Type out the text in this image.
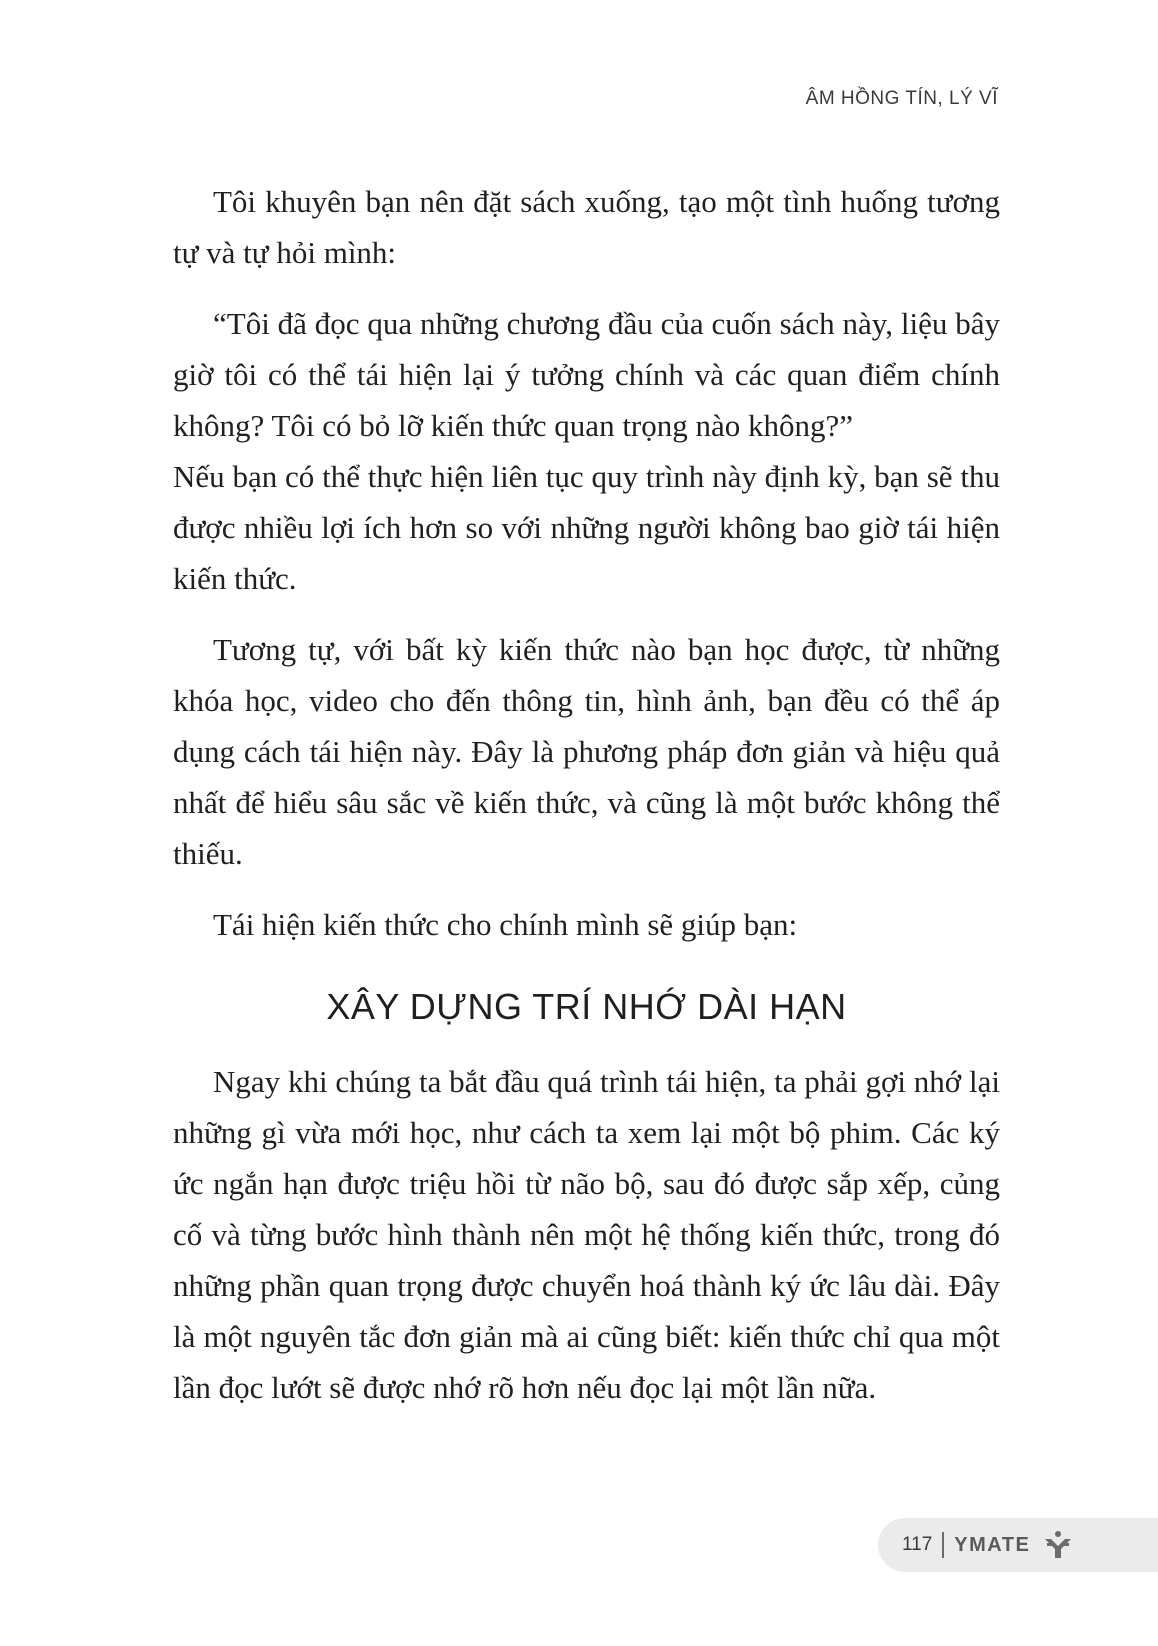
ÂM HỒNG TÍN, LÝ VĨ

Tôi khuyên bạn nên đặt sách xuống, tạo một tình huống tương tự và tự hỏi mình:

“Tôi đã đọc qua những chương đầu của cuốn sách này, liệu bây giờ tôi có thể tái hiện lại ý tưởng chính và các quan điểm chính không? Tôi có bỏ lỡ kiến thức quan trọng nào không?”

Nếu bạn có thể thực hiện liên tục quy trình này định kỳ, bạn sẽ thu được nhiều lợi ích hơn so với những người không bao giờ tái hiện kiến thức.

Tương tự, với bất kỳ kiến thức nào bạn học được, từ những khóa học, video cho đến thông tin, hình ảnh, bạn đều có thể áp dụng cách tái hiện này. Đây là phương pháp đơn giản và hiệu quả nhất để hiểu sâu sắc về kiến thức, và cũng là một bước không thể thiếu.

Tái hiện kiến thức cho chính mình sẽ giúp bạn:

XÂY DỰNG TRÍ NHỚ DÀI HẠN

Ngay khi chúng ta bắt đầu quá trình tái hiện, ta phải gợi nhớ lại những gì vừa mới học, như cách ta xem lại một bộ phim. Các ký ức ngắn hạn được triệu hồi từ não bộ, sau đó được sắp xếp, củng cố và từng bước hình thành nên một hệ thống kiến thức, trong đó những phần quan trọng được chuyển hoá thành ký ức lâu dài. Đây là một nguyên tắc đơn giản mà ai cũng biết: kiến thức chỉ qua một lần đọc lướt sẽ được nhớ rõ hơn nếu đọc lại một lần nữa.

117 YMATE
